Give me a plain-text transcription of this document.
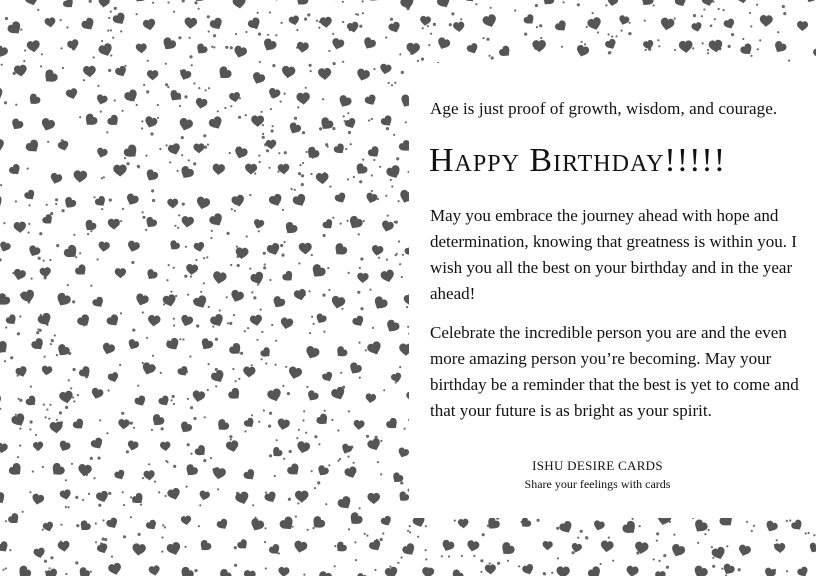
Age is just proof of growth, wisdom, and courage.
Happy Birthday!!!!!

May you embrace the journey ahead with hope and determination, knowing that greatness is within you. I wish you all the best on your birthday and in the year ahead!

Celebrate the incredible person you are and the even more amazing person you’re becoming. May your birthday be a reminder that the best is yet to come and that your future is as bright as your spirit.

ISHU DESIRE CARDS
Share your feelings with cards
